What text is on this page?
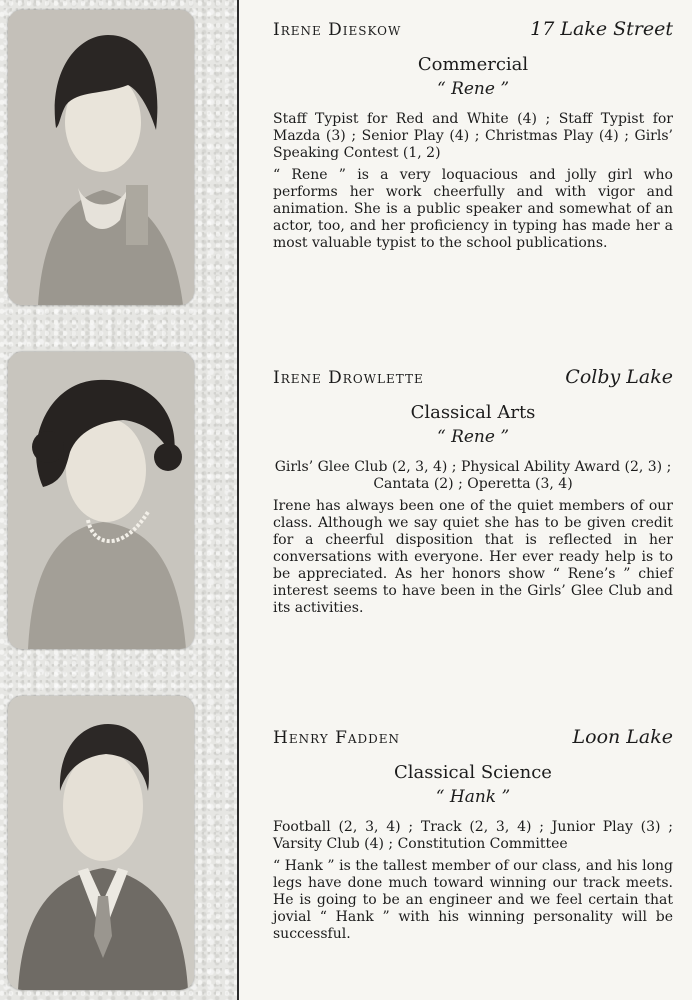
Irene Dieskow	17 Lake Street
Commercial
“ Rene ”
Staff Typist for Red and White (4) ; Staff Typist for Mazda (3) ; Senior Play (4) ; Christmas Play (4) ; Girls’ Speaking Contest (1, 2)
“ Rene ” is a very loquacious and jolly girl who performs her work cheerfully and with vigor and animation. She is a public speaker and somewhat of an actor, too, and her proficiency in typing has made her a most valuable typist to the school publications.
Irene Drowlette	Colby Lake
Classical Arts
“ Rene ”
Girls’ Glee Club (2, 3, 4) ; Physical Ability Award (2, 3) ; Cantata (2) ; Operetta (3, 4)
Irene has always been one of the quiet members of our class. Although we say quiet she has to be given credit for a cheerful disposition that is reflected in her conversations with everyone. Her ever ready help is to be appreciated. As her honors show “ Rene’s ” chief interest seems to have been in the Girls’ Glee Club and its activities.
Henry Fadden	Loon Lake
Classical Science
“ Hank ”
Football (2, 3, 4) ; Track (2, 3, 4) ; Junior Play (3) ; Varsity Club (4) ; Constitution Committee
“ Hank ” is the tallest member of our class, and his long legs have done much toward winning our track meets. He is going to be an engineer and we feel certain that jovial “ Hank ” with his winning personality will be successful.
